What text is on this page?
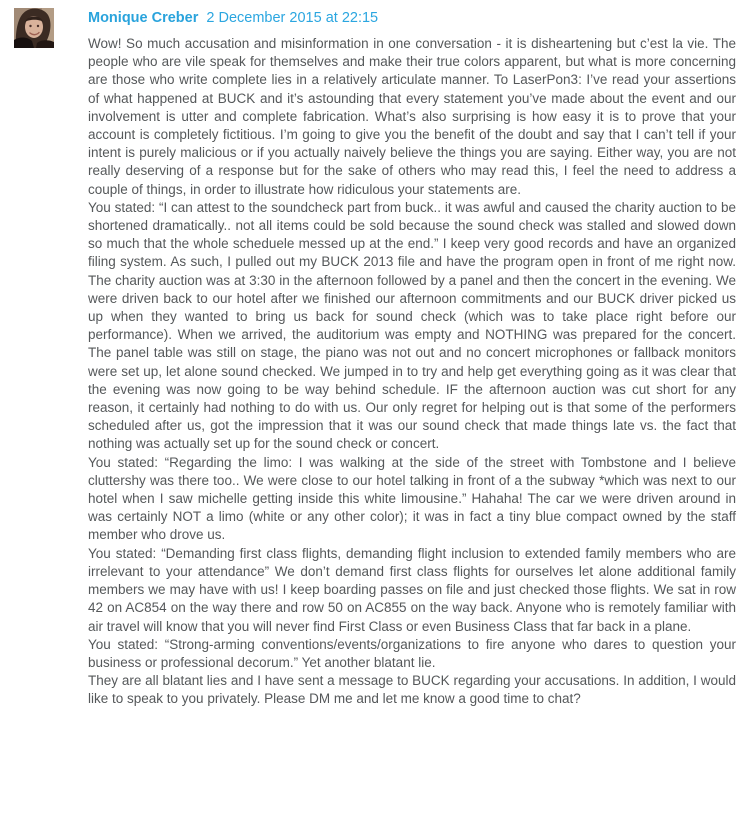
Monique Creber 2 December 2015 at 22:15

Wow! So much accusation and misinformation in one conversation - it is disheartening but c’est la vie. The people who are vile speak for themselves and make their true colors apparent, but what is more concerning are those who write complete lies in a relatively articulate manner. To LaserPon3: I’ve read your assertions of what happened at BUCK and it’s astounding that every statement you’ve made about the event and our involvement is utter and complete fabrication. What’s also surprising is how easy it is to prove that your account is completely fictitious. I’m going to give you the benefit of the doubt and say that I can’t tell if your intent is purely malicious or if you actually naively believe the things you are saying. Either way, you are not really deserving of a response but for the sake of others who may read this, I feel the need to address a couple of things, in order to illustrate how ridiculous your statements are.

You stated: “I can attest to the soundcheck part from buck.. it was awful and caused the charity auction to be shortened dramatically.. not all items could be sold because the sound check was stalled and slowed down so much that the whole scheduele messed up at the end.” I keep very good records and have an organized filing system. As such, I pulled out my BUCK 2013 file and have the program open in front of me right now. The charity auction was at 3:30 in the afternoon followed by a panel and then the concert in the evening. We were driven back to our hotel after we finished our afternoon commitments and our BUCK driver picked us up when they wanted to bring us back for sound check (which was to take place right before our performance). When we arrived, the auditorium was empty and NOTHING was prepared for the concert. The panel table was still on stage, the piano was not out and no concert microphones or fallback monitors were set up, let alone sound checked. We jumped in to try and help get everything going as it was clear that the evening was now going to be way behind schedule. IF the afternoon auction was cut short for any reason, it certainly had nothing to do with us. Our only regret for helping out is that some of the performers scheduled after us, got the impression that it was our sound check that made things late vs. the fact that nothing was actually set up for the sound check or concert.

You stated: “Regarding the limo: I was walking at the side of the street with Tombstone and I believe cluttershy was there too.. We were close to our hotel talking in front of a the subway *which was next to our hotel when I saw michelle getting inside this white limousine.” Hahaha! The car we were driven around in was certainly NOT a limo (white or any other color); it was in fact a tiny blue compact owned by the staff member who drove us.

You stated: “Demanding first class flights, demanding flight inclusion to extended family members who are irrelevant to your attendance” We don’t demand first class flights for ourselves let alone additional family members we may have with us! I keep boarding passes on file and just checked those flights. We sat in row 42 on AC854 on the way there and row 50 on AC855 on the way back. Anyone who is remotely familiar with air travel will know that you will never find First Class or even Business Class that far back in a plane.

You stated: “Strong-arming conventions/events/organizations to fire anyone who dares to question your business or professional decorum.” Yet another blatant lie.

They are all blatant lies and I have sent a message to BUCK regarding your accusations. In addition, I would like to speak to you privately. Please DM me and let me know a good time to chat?
